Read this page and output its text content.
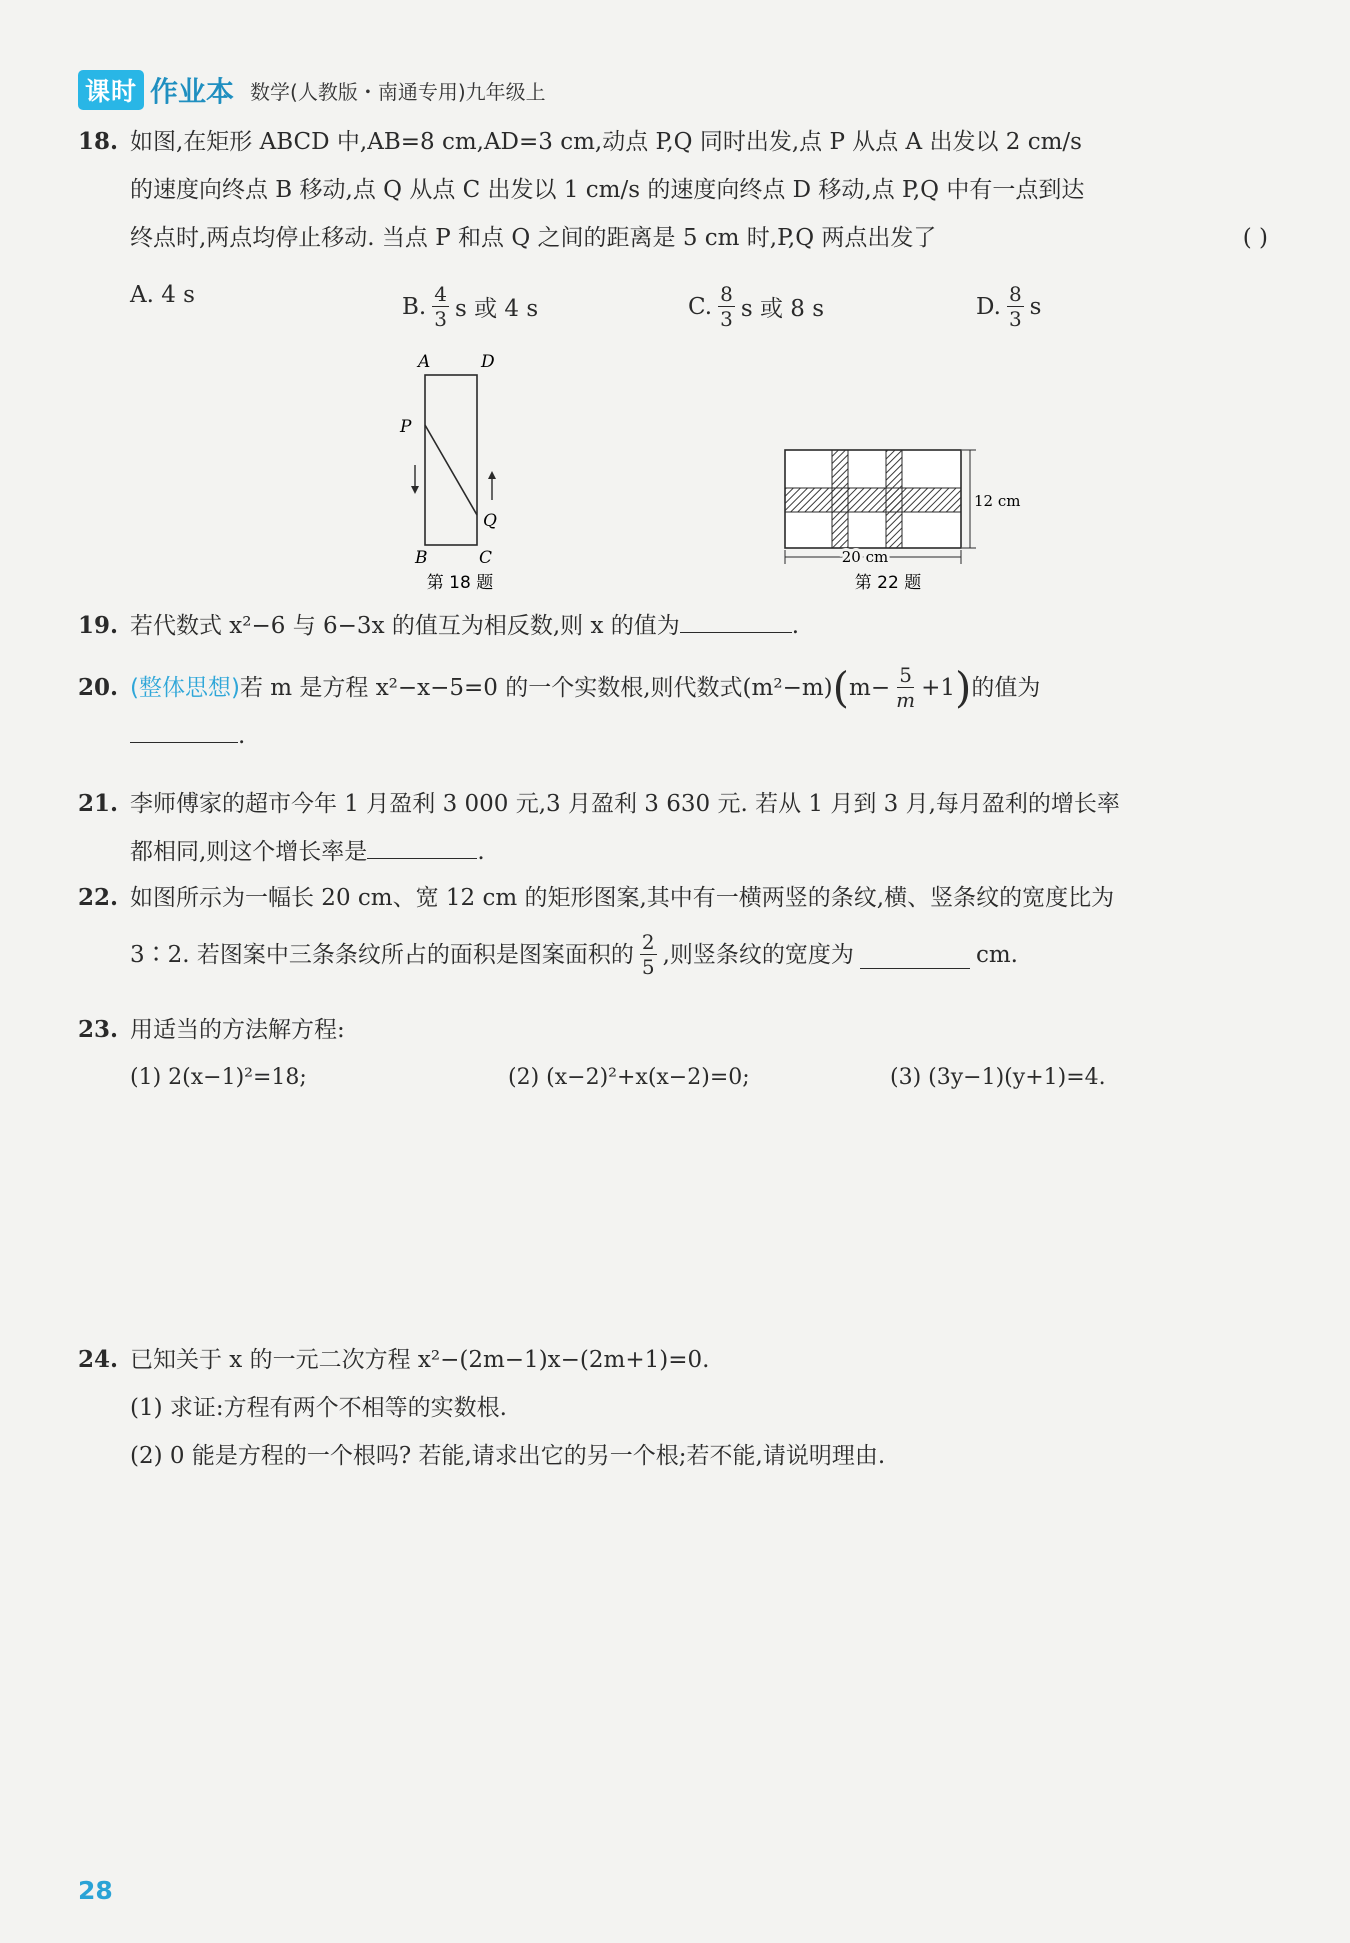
课时 作业本 数学(人教版・南通专用)九年级上
18. 如图,在矩形 ABCD 中,AB=8 cm,AD=3 cm,动点 P,Q 同时出发,点 P 从点 A 出发以 2 cm/s
的速度向终点 B 移动,点 Q 从点 C 出发以 1 cm/s 的速度向终点 D 移动,点 P,Q 中有一点到达
终点时,两点均停止移动. 当点 P 和点 Q 之间的距离是 5 cm 时,P,Q 两点出发了	( )
A. 4 s	B. $\frac{4}{3}$ s 或 4 s	C. $\frac{8}{3}$ s 或 8 s	D. $\frac{8}{3}$ s
A	D
P
Q
B	C
第 18 题
12 cm
20 cm
第 22 题
19. 若代数式 x²−6 与 6−3x 的值互为相反数,则 x 的值为	.
20. (整体思想) 若 m 是方程 x²−x−5=0 的一个实数根,则代数式(m²−m) ( $m- \frac{5}{m} +1$ ) 的值为
.
21. 李师傅家的超市今年 1 月盈利 3 000 元,3 月盈利 3 630 元. 若从 1 月到 3 月,每月盈利的增长率
都相同,则这个增长率是	.
22. 如图所示为一幅长 20 cm、宽 12 cm 的矩形图案,其中有一横两竖的条纹,横、竖条纹的宽度比为
3∶2. 若图案中三条条纹所占的面积是图案面积的 $\frac{2}{5}$ ,则竖条纹的宽度为	cm.
23. 用适当的方法解方程:
(1) 2(x−1)²=18;	(2) (x−2)²+x(x−2)=0;	(3) (3y−1)(y+1)=4.
24. 已知关于 x 的一元二次方程 x²−(2m−1)x−(2m+1)=0.
(1) 求证:方程有两个不相等的实数根.
(2) 0 能是方程的一个根吗? 若能,请求出它的另一个根;若不能,请说明理由.
28
